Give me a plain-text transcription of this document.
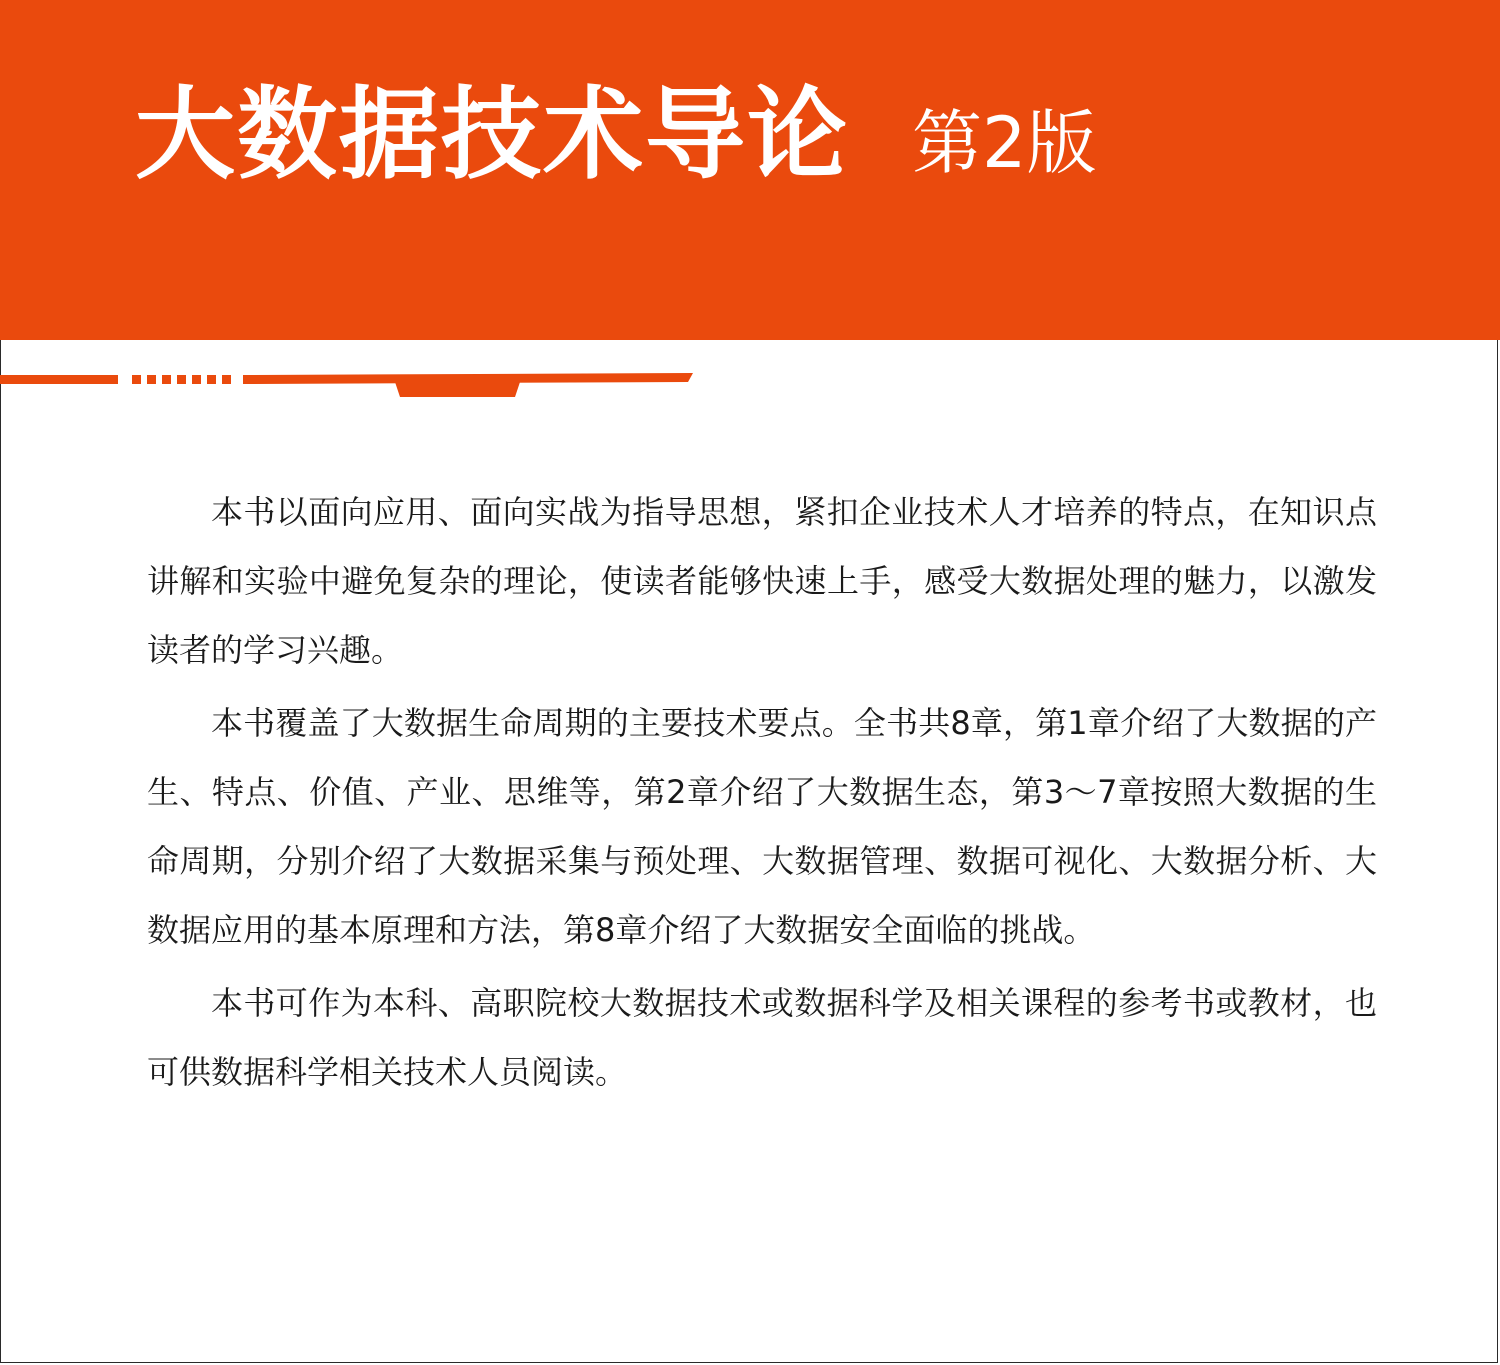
大数据技术导论 第2版

本书以面向应用、面向实战为指导思想，紧扣企业技术人才培养的特点，在知识点讲解和实验中避免复杂的理论，使读者能够快速上手，感受大数据处理的魅力，以激发读者的学习兴趣。

本书覆盖了大数据生命周期的主要技术要点。全书共8章，第1章介绍了大数据的产生、特点、价值、产业、思维等，第2章介绍了大数据生态，第3～7章按照大数据的生命周期，分别介绍了大数据采集与预处理、大数据管理、数据可视化、大数据分析、大数据应用的基本原理和方法，第8章介绍了大数据安全面临的挑战。

本书可作为本科、高职院校大数据技术或数据科学及相关课程的参考书或教材，也可供数据科学相关技术人员阅读。
